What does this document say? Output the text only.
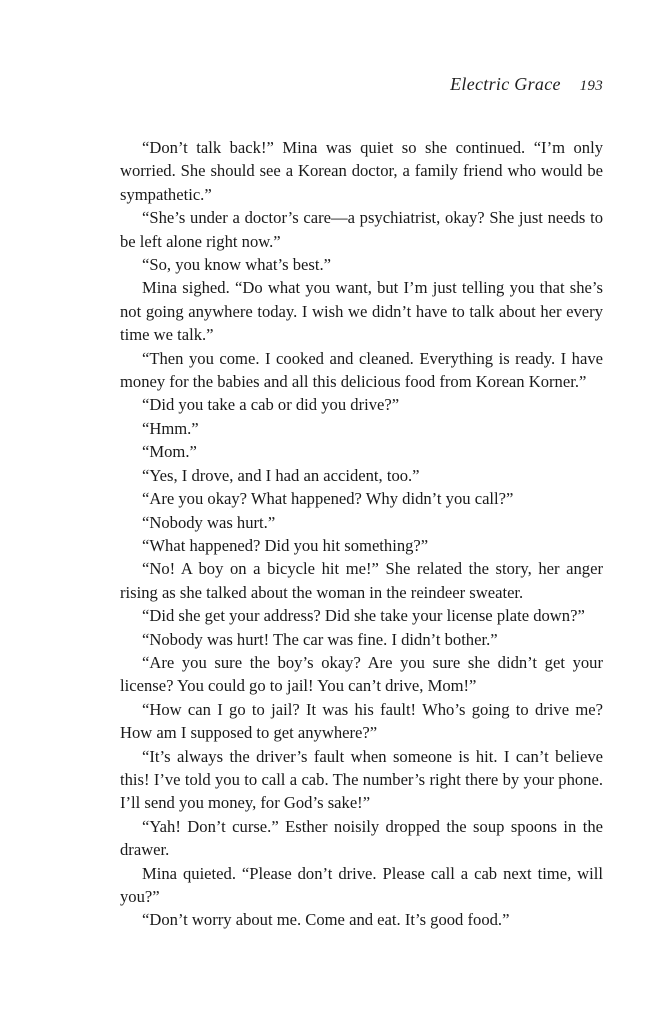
Electric Grace 193

“Don’t talk back!” Mina was quiet so she continued. “I’m only worried. She should see a Korean doctor, a family friend who would be sympathetic.”

“She’s under a doctor’s care—a psychiatrist, okay? She just needs to be left alone right now.”

“So, you know what’s best.”

Mina sighed. “Do what you want, but I’m just telling you that she’s not going anywhere today. I wish we didn’t have to talk about her every time we talk.”

“Then you come. I cooked and cleaned. Everything is ready. I have money for the babies and all this delicious food from Korean Korner.”

“Did you take a cab or did you drive?”

“Hmm.”

“Mom.”

“Yes, I drove, and I had an accident, too.”

“Are you okay? What happened? Why didn’t you call?”

“Nobody was hurt.”

“What happened? Did you hit something?”

“No! A boy on a bicycle hit me!” She related the story, her anger rising as she talked about the woman in the reindeer sweater.

“Did she get your address? Did she take your license plate down?”

“Nobody was hurt! The car was fine. I didn’t bother.”

“Are you sure the boy’s okay? Are you sure she didn’t get your license? You could go to jail! You can’t drive, Mom!”

“How can I go to jail? It was his fault! Who’s going to drive me? How am I supposed to get anywhere?”

“It’s always the driver’s fault when someone is hit. I can’t believe this! I’ve told you to call a cab. The number’s right there by your phone. I’ll send you money, for God’s sake!”

“Yah! Don’t curse.” Esther noisily dropped the soup spoons in the drawer.

Mina quieted. “Please don’t drive. Please call a cab next time, will you?”

“Don’t worry about me. Come and eat. It’s good food.”
